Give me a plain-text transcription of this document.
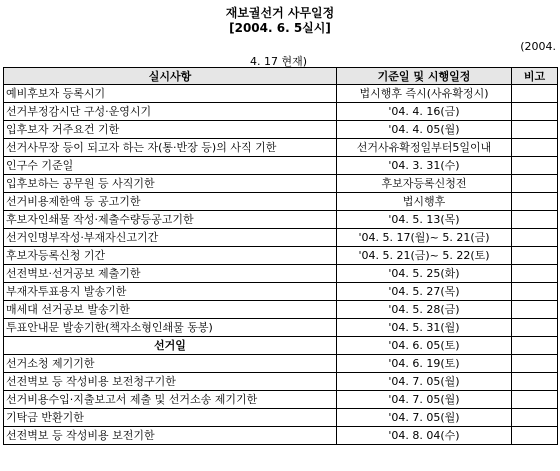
재보궐선거 사무일정
[2004. 6. 5실시]
(2004.
4. 17 현재)
실시사항	기준일 및 시행일정	비고
예비후보자 등록시기	법시행후 즉시(사유확정시)	
선거부정감시단 구성·운영시기	'04. 4. 16(금)	
입후보자 거주요건 기한	'04. 4. 05(월)	
선거사무장 등이 되고자 하는 자(통·반장 등)의 사직 기한	선거사유확정일부터5일이내	
인구수 기준일	'04. 3. 31(수)	
입후보하는 공무원 등 사직기한	후보자등록신청전	
선거비용제한액 등 공고기한	법시행후	
후보자인쇄물 작성·제출수량등공고기한	'04. 5. 13(목)	
선거인명부작성·부재자신고기간	'04. 5. 17(월)~ 5. 21(금)	
후보자등록신청 기간	'04. 5. 21(금)~ 5. 22(토)	
선전벽보·선거공보 제출기한	'04. 5. 25(화)	
부재자투표용지 발송기한	'04. 5. 27(목)	
매세대 선거공보 발송기한	'04. 5. 28(금)	
투표안내문 발송기한(책자소형인쇄물 동봉)	'04. 5. 31(월)	
선거일	'04. 6. 05(토)	
선거소청 제기기한	'04. 6. 19(토)	
선전벽보 등 작성비용 보전청구기한	'04. 7. 05(월)	
선거비용수입·지출보고서 제출 및 선거소송 제기기한	'04. 7. 05(월)	
기탁금 반환기한	'04. 7. 05(월)	
선전벽보 등 작성비용 보전기한	'04. 8. 04(수)	
